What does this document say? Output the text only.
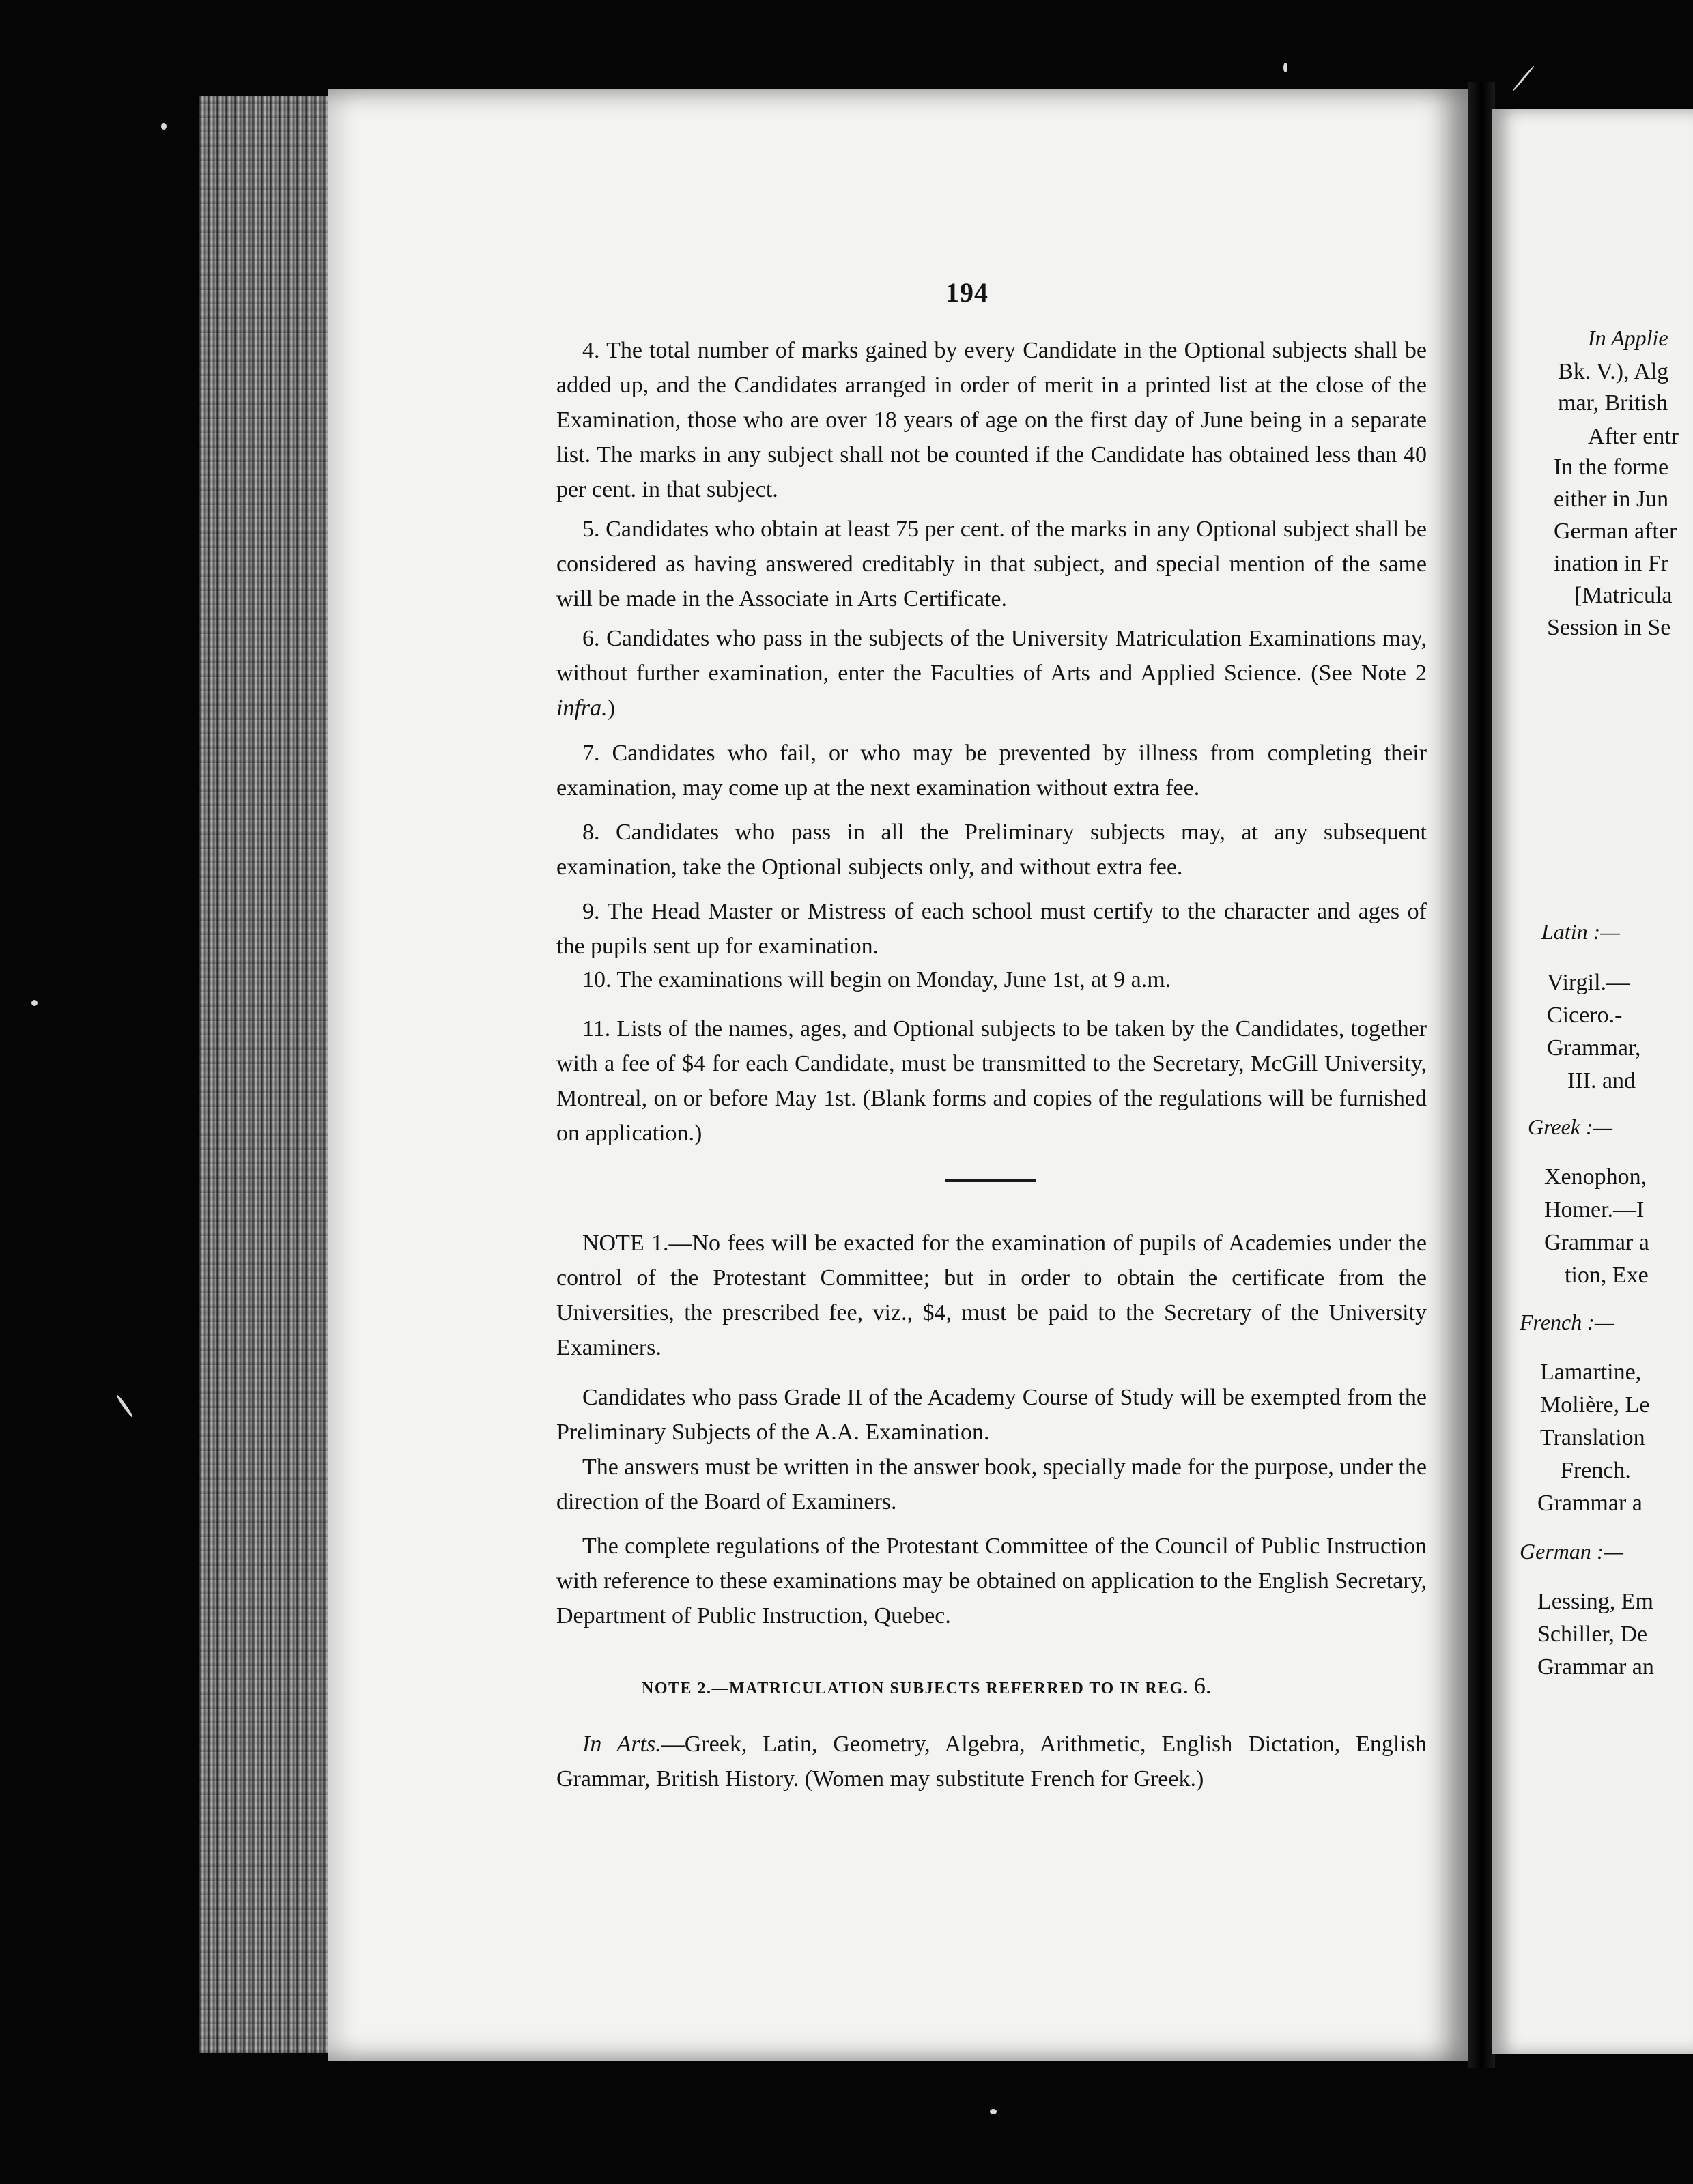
In Applie
Bk. V.), Alg
mar, British
After entr
In the forme
either in Jun
German after
ination in Fr
[Matricula
Session in Se
Latin :—
Virgil.—
Cicero.-
Grammar,
III. and
Greek :—
Xenophon,
Homer.—I
Grammar a
tion, Exe
French :—
Lamartine,
Molière, Le
Translation
French.
Grammar a
German :—
Lessing, Em
Schiller, De
Grammar an
194

4. The total number of marks gained by every Candidate in the Optional subjects shall be added up, and the Candidates arranged in order of merit in a printed list at the close of the Examination, those who are over 18 years of age on the first day of June being in a separate list. The marks in any subject shall not be counted if the Candidate has obtained less than 40 per cent. in that subject.

5. Candidates who obtain at least 75 per cent. of the marks in any Optional subject shall be considered as having answered creditably in that subject, and special mention of the same will be made in the Associate in Arts Certificate.

6. Candidates who pass in the subjects of the University Matriculation Examinations may, without further examination, enter the Faculties of Arts and Applied Science. (See Note 2 infra.)

7. Candidates who fail, or who may be prevented by illness from completing their examination, may come up at the next examination without extra fee.

8. Candidates who pass in all the Preliminary subjects may, at any subsequent examination, take the Optional subjects only, and without extra fee.

9. The Head Master or Mistress of each school must certify to the character and ages of the pupils sent up for examination.

10. The examinations will begin on Monday, June 1st, at 9 a.m.

11. Lists of the names, ages, and Optional subjects to be taken by the Candidates, together with a fee of $4 for each Candidate, must be transmitted to the Secretary, McGill University, Montreal, on or before May 1st. (Blank forms and copies of the regulations will be furnished on application.)

NOTE 1.—No fees will be exacted for the examination of pupils of Academies under the control of the Protestant Committee; but in order to obtain the certificate from the Universities, the prescribed fee, viz., $4, must be paid to the Secretary of the University Examiners.

Candidates who pass Grade II of the Academy Course of Study will be exempted from the Preliminary Subjects of the A.A. Examination.

The answers must be written in the answer book, specially made for the purpose, under the direction of the Board of Examiners.

The complete regulations of the Protestant Committee of the Council of Public Instruction with reference to these examinations may be obtained on application to the English Secretary, Department of Public Instruction, Quebec.

NOTE 2.—MATRICULATION SUBJECTS REFERRED TO IN REG. 6.

In Arts.—Greek, Latin, Geometry, Algebra, Arithmetic, English Dictation, English Grammar, British History. (Women may substitute French for Greek.)
